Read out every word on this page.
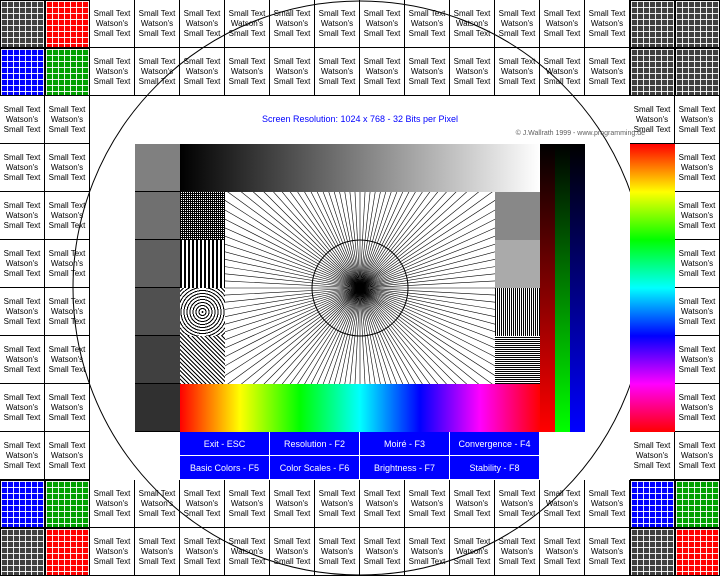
Small Text
Watson's
Small Text
Small Text
Watson's
Small Text
Small Text
Watson's
Small Text
Small Text
Watson's
Small Text
Small Text
Watson's
Small Text
Small Text
Watson's
Small Text
Small Text
Watson's
Small Text
Small Text
Watson's
Small Text
Small Text
Watson's
Small Text
Small Text
Watson's
Small Text
Small Text
Watson's
Small Text
Small Text
Watson's
Small Text
Small Text
Watson's
Small Text
Small Text
Watson's
Small Text
Small Text
Watson's
Small Text
Small Text
Watson's
Small Text
Small Text
Watson's
Small Text
Small Text
Watson's
Small Text
Small Text
Watson's
Small Text
Small Text
Watson's
Small Text
Small Text
Watson's
Small Text
Small Text
Watson's
Small Text
Small Text
Watson's
Small Text
Small Text
Watson's
Small Text
Small Text
Watson's
Small Text
Small Text
Watson's
Small Text
Small Text
Watson's
Small Text
Small Text
Watson's
Small Text
Small Text
Watson's
Small Text
Small Text
Watson's
Small Text
Small Text
Watson's
Small Text
Small Text
Watson's
Small Text
Small Text
Watson's
Small Text
Small Text
Watson's
Small Text
Small Text
Watson's
Small Text
Small Text
Watson's
Small Text
Small Text
Watson's
Small Text
Small Text
Watson's
Small Text
Small Text
Watson's
Small Text
Small Text
Watson's
Small Text
Small Text
Watson's
Small Text
Small Text
Watson's
Small Text
Small Text
Watson's
Small Text
Small Text
Watson's
Small Text
Small Text
Watson's
Small Text
Small Text
Watson's
Small Text
Small Text
Watson's
Small Text
Small Text
Watson's
Small Text
Small Text
Watson's
Small Text
Small Text
Watson's
Small Text
Small Text
Watson's
Small Text
Small Text
Watson's
Small Text
Small Text
Watson's
Small Text
Small Text
Watson's
Small Text
Small Text
Watson's
Small Text
Small Text
Watson's
Small Text
Small Text
Watson's
Small Text
Small Text
Watson's
Small Text
Small Text
Watson's
Small Text
Small Text
Watson's
Small Text
Small Text
Watson's
Small Text
Small Text
Watson's
Small Text
Small Text
Watson's
Small Text
Small Text
Watson's
Small Text
Small Text
Watson's
Small Text
Small Text
Watson's
Small Text
Small Text
Watson's
Small Text
Small Text
Watson's
Small Text
Small Text
Watson's
Small Text
Small Text
Watson's
Small Text
Small Text
Watson's
Small Text
Small Text
Watson's
Small Text
Small Text
Watson's
Small Text
Small Text
Watson's
Small Text
Screen Resolution: 1024 x 768 - 32 Bits per Pixel
© J.Wallrath 1999 - www.programming.de
Exit - ESC	Resolution - F2	Moiré - F3	Convergence - F4
Basic Colors - F5	Color Scales - F6	Brightness - F7	Stability - F8
